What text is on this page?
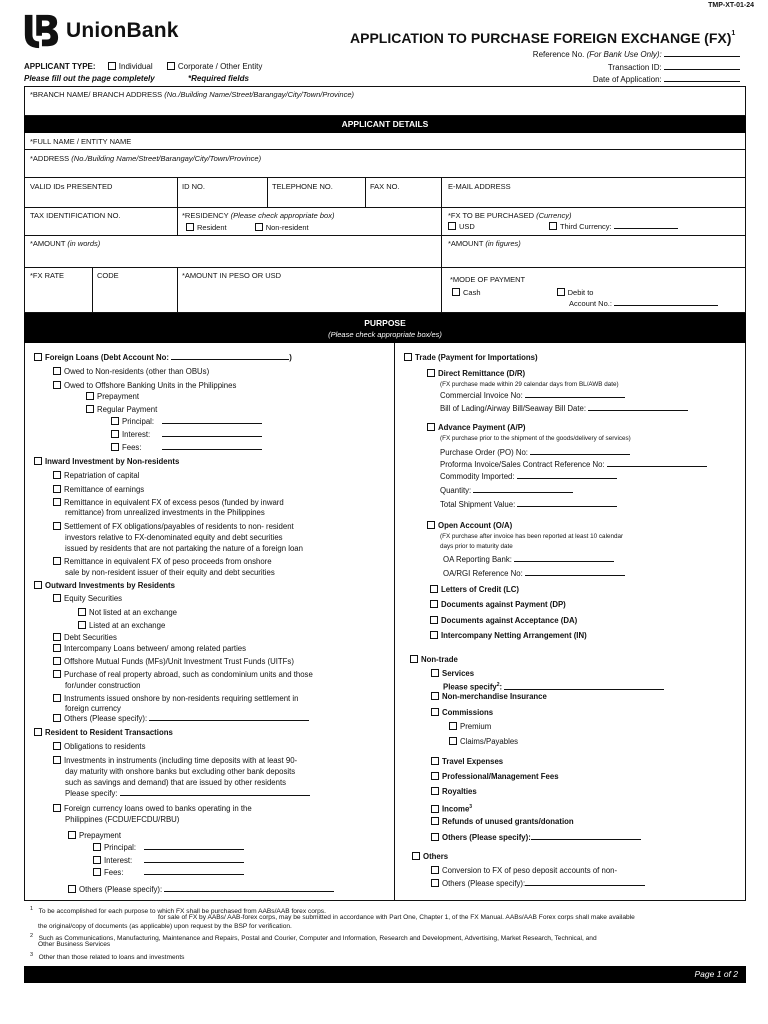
TMP-XT-01-24
UnionBank	APPLICATION TO PURCHASE FOREIGN EXCHANGE (FX)$^1$
Reference No. (For Bank Use Only):
Transaction ID:
Date of Application:
APPLICANT TYPE:	Individual	Corporate / Other Entity
Please fill out the page completely	*Required fields
*BRANCH NAME/ BRANCH ADDRESS (No./Building Name/Street/Barangay/City/Town/Province)
APPLICANT DETAILS
*FULL NAME / ENTITY NAME
*ADDRESS (No./Building Name/Street/Barangay/City/Town/Province)
VALID IDs PRESENTED	ID NO.	TELEPHONE NO.	FAX NO.	E-MAIL ADDRESS
TAX IDENTIFICATION NO.	*RESIDENCY (Please check appropriate box)
Resident	Non-resident
*FX TO BE PURCHASED (Currency)
USD	Third Currency:
*AMOUNT (in words)	*AMOUNT (in figures)
*FX RATE	CODE	*AMOUNT IN PESO OR USD	*MODE OF PAYMENT
Cash	Debit to
Account No.:
PURPOSE
(Please check appropriate box/es)
Foreign Loans (Debt Account No:	)
Owed to Non-residents (other than OBUs)
Owed to Offshore Banking Units in the Philippines
Prepayment
Regular Payment
Principal:
Interest:
Fees:
Inward Investment by Non-residents
Repatriation of capital
Remittance of earnings
Remittance in equivalent FX of excess pesos (funded by inward
remittance) from unrealized investments in the Philippines
Settlement of FX obligations/payables of residents to non- resident
investors relative to FX-denominated equity and debt securities
issued by residents that are not partaking the nature of a foreign loan
Remittance in equivalent FX of peso proceeds from onshore
sale by non-resident issuer of their equity and debt securities
Outward Investments by Residents
Equity Securities
Not listed at an exchange
Listed at an exchange
Debt Securities
Intercompany Loans between/ among related parties
Offshore Mutual Funds (MFs)/Unit Investment Trust Funds (UITFs)
Purchase of real property abroad, such as condominium units and those
for/under construction
Instruments issued onshore by non-residents requiring settlement in
foreign currency
Others (Please specify):
Resident to Resident Transactions
Obligations to residents
Investments in instruments (including time deposits with at least 90-
day maturity with onshore banks but excluding other bank deposits
such as savings and demand) that are issued by other residents
Please specify:
Foreign currency loans owed to banks operating in the
Philippines (FCDU/EFCDU/RBU)
Prepayment
Principal:
Interest:
Fees:
Others (Please specify):
Trade (Payment for Importations)
Direct Remittance (D/R)
(FX purchase made within 29 calendar days from BL/AWB date)
Commercial Invoice No:
Bill of Lading/Airway Bill/Seaway Bill Date:
Advance Payment (A/P)
(FX purchase prior to the shipment of the goods/delivery of services)
Purchase Order (PO) No:
Proforma Invoice/Sales Contract Reference No:
Commodity Imported:
Quantity:
Total Shipment Value:
Open Account (O/A)
(FX purchase after invoice has been reported at least 10 calendar
days prior to maturity date
OA Reporting Bank:
OA/RGI Reference No:
Letters of Credit (LC)
Documents against Payment (DP)
Documents against Acceptance (DA)
Intercompany Netting Arrangement (IN)
Non-trade
Services
Please specify$^2$:
Non-merchandise Insurance
Commissions
Premium
Claims/Payables
Travel Expenses
Professional/Management Fees
Royalties
Income$^3$
Refunds of unused grants/donation
Others (Please specify):
Others
Conversion to FX of peso deposit accounts of non-
Others (Please specify):
$^1$ To be accomplished for each purpose to which FX shall be purchased from AABs/AAB forex corps.
for sale of FX by AABs/ AAB-forex corps, may be submitted in accordance with Part One, Chapter 1, of the FX Manual. AABs/AAB Forex corps shall make available
the original/copy of documents (as applicable) upon request by the BSP for verification.
$^2$ Such as Communications, Manufacturing, Maintenance and Repairs, Postal and Courier, Computer and Information, Research and Development, Advertising, Market Research, Technical, and
Other Business Services
$^3$ Other than those related to loans and investments
Page 1 of 2
